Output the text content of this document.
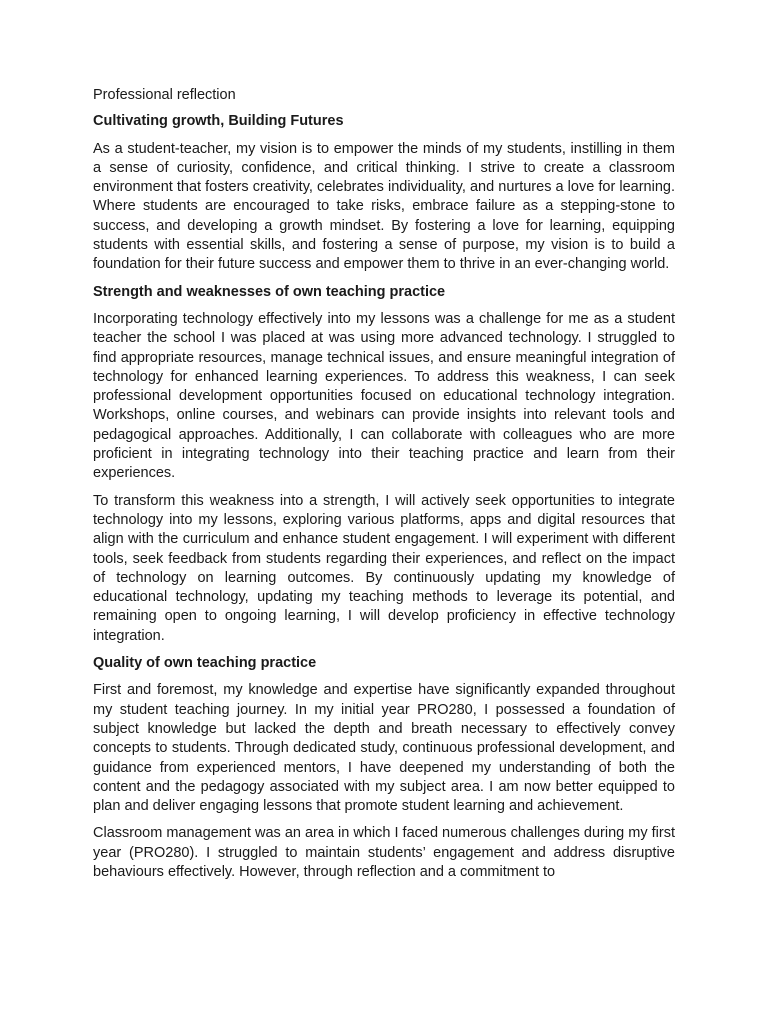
Professional reflection
Cultivating growth, Building Futures

As a student-teacher, my vision is to empower the minds of my students, instilling in them a sense of curiosity, confidence, and critical thinking. I strive to create a classroom environment that fosters creativity, celebrates individuality, and nurtures a love for learning. Where students are encouraged to take risks, embrace failure as a stepping-stone to success, and developing a growth mindset. By fostering a love for learning, equipping students with essential skills, and fostering a sense of purpose, my vision is to build a foundation for their future success and empower them to thrive in an ever-changing world.

Strength and weaknesses of own teaching practice

Incorporating technology effectively into my lessons was a challenge for me as a student teacher the school I was placed at was using more advanced technology. I struggled to find appropriate resources, manage technical issues, and ensure meaningful integration of technology for enhanced learning experiences. To address this weakness, I can seek professional development opportunities focused on educational technology integration. Workshops, online courses, and webinars can provide insights into relevant tools and pedagogical approaches. Additionally, I can collaborate with colleagues who are more proficient in integrating technology into their teaching practice and learn from their experiences.

To transform this weakness into a strength, I will actively seek opportunities to integrate technology into my lessons, exploring various platforms, apps and digital resources that align with the curriculum and enhance student engagement. I will experiment with different tools, seek feedback from students regarding their experiences, and reflect on the impact of technology on learning outcomes. By continuously updating my knowledge of educational technology, updating my teaching methods to leverage its potential, and remaining open to ongoing learning, I will develop proficiency in effective technology integration.

Quality of own teaching practice

First and foremost, my knowledge and expertise have significantly expanded throughout my student teaching journey. In my initial year PRO280, I possessed a foundation of subject knowledge but lacked the depth and breath necessary to effectively convey concepts to students. Through dedicated study, continuous professional development, and guidance from experienced mentors, I have deepened my understanding of both the content and the pedagogy associated with my subject area. I am now better equipped to plan and deliver engaging lessons that promote student learning and achievement.

Classroom management was an area in which I faced numerous challenges during my first year (PRO280). I struggled to maintain students’ engagement and address disruptive behaviours effectively. However, through reflection and a commitment to
